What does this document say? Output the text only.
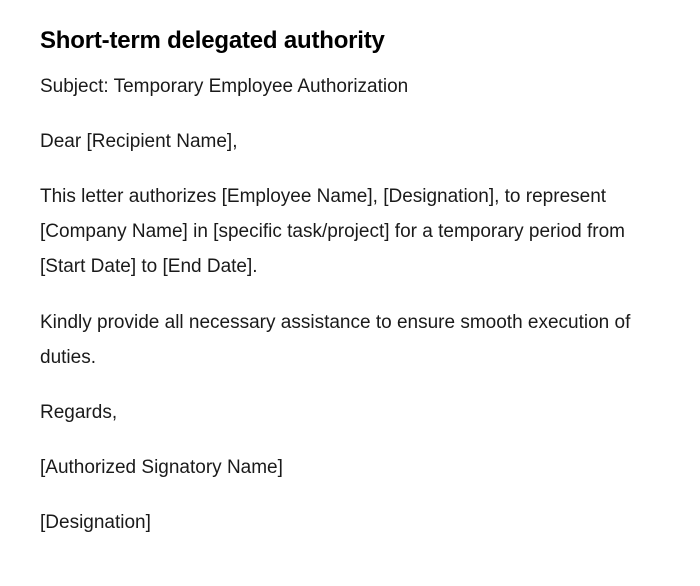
Short-term delegated authority

Subject: Temporary Employee Authorization

Dear [Recipient Name],

This letter authorizes [Employee Name], [Designation], to represent [Company Name] in [specific task/project] for a temporary period from [Start Date] to [End Date].

Kindly provide all necessary assistance to ensure smooth execution of duties.

Regards,

[Authorized Signatory Name]

[Designation]
